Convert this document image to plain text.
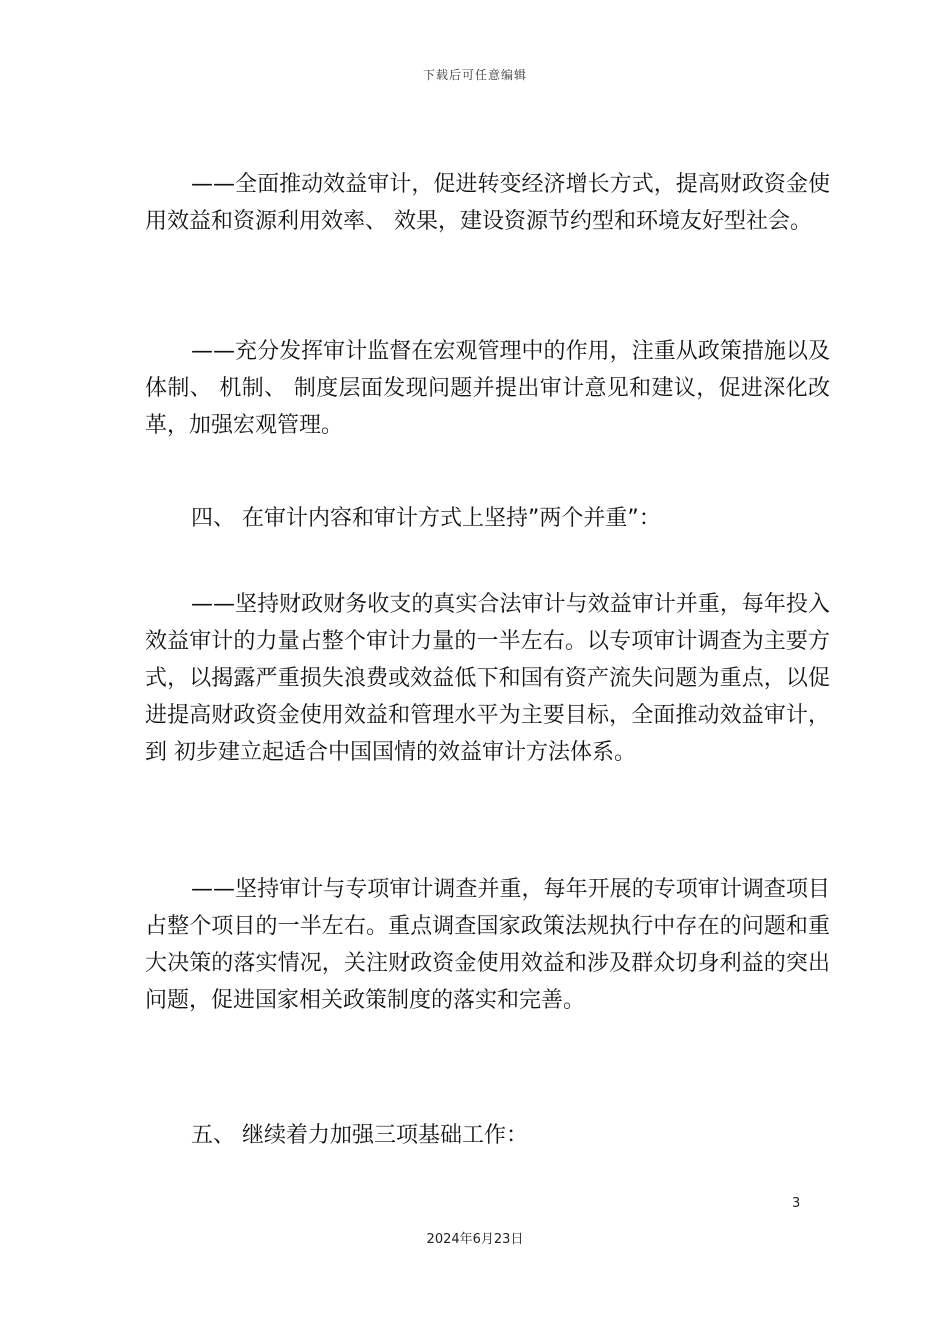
下载后可任意编辑

——全面推动效益审计，促进转变经济增长方式，提高财政资金使用效益和资源利用效率、 效果，建设资源节约型和环境友好型社会。

——充分发挥审计监督在宏观管理中的作用，注重从政策措施以及体制、 机制、 制度层面发现问题并提出审计意见和建议，促进深化改革，加强宏观管理。

四、 在审计内容和审计方式上坚持”两个并重”：

——坚持财政财务收支的真实合法审计与效益审计并重，每年投入效益审计的力量占整个审计力量的一半左右。以专项审计调查为主要方式，以揭露严重损失浪费或效益低下和国有资产流失问题为重点，以促进提高财政资金使用效益和管理水平为主要目标，全面推动效益审计，到 初步建立起适合中国国情的效益审计方法体系。

——坚持审计与专项审计调查并重，每年开展的专项审计调查项目占整个项目的一半左右。重点调查国家政策法规执行中存在的问题和重大决策的落实情况，关注财政资金使用效益和涉及群众切身利益的突出问题，促进国家相关政策制度的落实和完善。

五、 继续着力加强三项基础工作：

3
2024年6月23日
